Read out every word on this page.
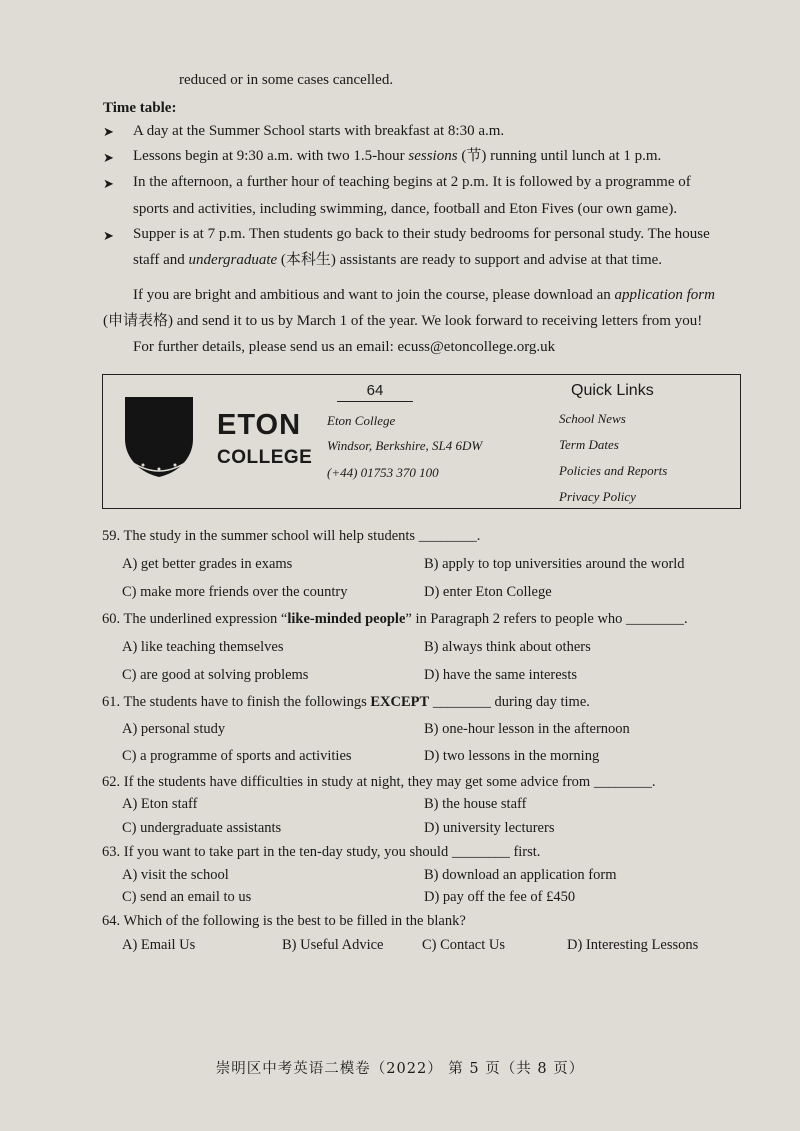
reduced or in some cases cancelled.
Time table:
➤ A day at the Summer School starts with breakfast at 8:30 a.m.
➤ Lessons begin at 9:30 a.m. with two 1.5-hour sessions (节) running until lunch at 1 p.m.
➤ In the afternoon, a further hour of teaching begins at 2 p.m. It is followed by a programme of
sports and activities, including swimming, dance, football and Eton Fives (our own game).
➤ Supper is at 7 p.m. Then students go back to their study bedrooms for personal study. The house
staff and undergraduate (本科生) assistants are ready to support and advise at that time.
If you are bright and ambitious and want to join the course, please download an application form
(申请表格) and send it to us by March 1 of the year. We look forward to receiving letters from you!
For further details, please send us an email: ecuss@etoncollege.org.uk
ETON
COLLEGE
64
Eton College
Windsor, Berkshire, SL4 6DW
(+44) 01753 370 100
Quick Links
School News
Term Dates
Policies and Reports
Privacy Policy
59. The study in the summer school will help students ________.
A) get better grades in exams	B) apply to top universities around the world
C) make more friends over the country	D) enter Eton College
60. The underlined expression “like-minded people” in Paragraph 2 refers to people who ________.
A) like teaching themselves	B) always think about others
C) are good at solving problems	D) have the same interests
61. The students have to finish the followings EXCEPT ________ during day time.
A) personal study	B) one-hour lesson in the afternoon
C) a programme of sports and activities	D) two lessons in the morning
62. If the students have difficulties in study at night, they may get some advice from ________.
A) Eton staff	B) the house staff
C) undergraduate assistants	D) university lecturers
63. If you want to take part in the ten-day study, you should ________ first.
A) visit the school	B) download an application form
C) send an email to us	D) pay off the fee of £450
64. Which of the following is the best to be filled in the blank?
A) Email Us	B) Useful Advice	C) Contact Us	D) Interesting Lessons
崇明区中考英语二模卷（2022） 第 5 页（共 8 页）
